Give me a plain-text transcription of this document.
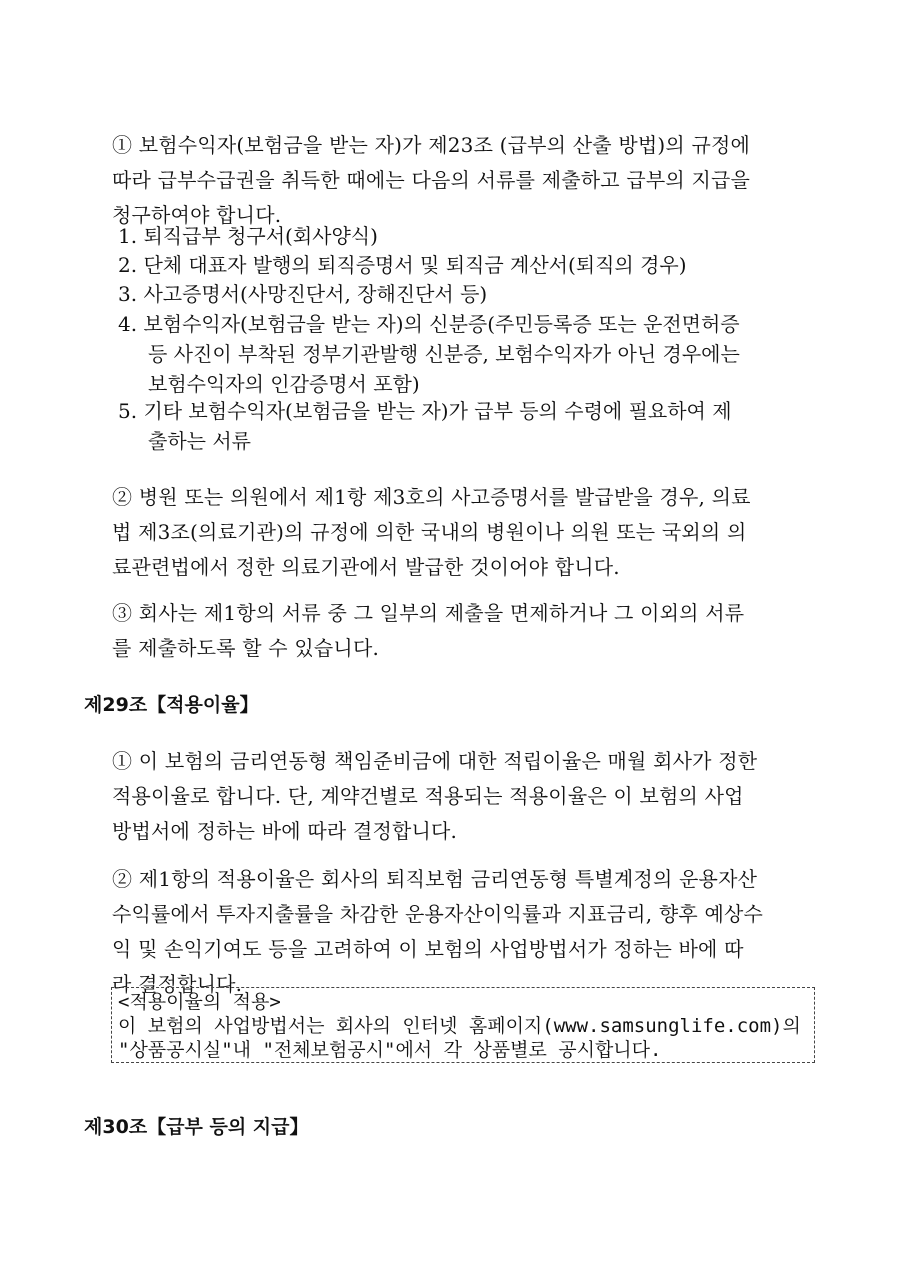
① 보험수익자(보험금을 받는 자)가 제23조 (급부의 산출 방법)의 규정에
따라 급부수급권을 취득한 때에는 다음의 서류를 제출하고 급부의 지급을
청구하여야 합니다.
1. 퇴직급부 청구서(회사양식)
2. 단체 대표자 발행의 퇴직증명서 및 퇴직금 계산서(퇴직의 경우)
3. 사고증명서(사망진단서, 장해진단서 등)
4. 보험수익자(보험금을 받는 자)의 신분증(주민등록증 또는 운전면허증
등 사진이 부착된 정부기관발행 신분증, 보험수익자가 아닌 경우에는
보험수익자의 인감증명서 포함)
5. 기타 보험수익자(보험금을 받는 자)가 급부 등의 수령에 필요하여 제
출하는 서류
② 병원 또는 의원에서 제1항 제3호의 사고증명서를 발급받을 경우, 의료
법 제3조(의료기관)의 규정에 의한 국내의 병원이나 의원 또는 국외의 의
료관련법에서 정한 의료기관에서 발급한 것이어야 합니다.
③ 회사는 제1항의 서류 중 그 일부의 제출을 면제하거나 그 이외의 서류
를 제출하도록 할 수 있습니다.
제29조【적용이율】
① 이 보험의 금리연동형 책임준비금에 대한 적립이율은 매월 회사가 정한
적용이율로 합니다. 단, 계약건별로 적용되는 적용이율은 이 보험의 사업
방법서에 정하는 바에 따라 결정합니다.
② 제1항의 적용이율은 회사의 퇴직보험 금리연동형 특별계정의 운용자산
수익률에서 투자지출률을 차감한 운용자산이익률과 지표금리, 향후 예상수
익 및 손익기여도 등을 고려하여 이 보험의 사업방법서가 정하는 바에 따
라 결정합니다.
<적용이율의 적용>
이 보험의 사업방법서는 회사의 인터넷 홈페이지(www.samsunglife.com)의
"상품공시실"내 "전체보험공시"에서 각 상품별로 공시합니다.
제30조【급부 등의 지급】
